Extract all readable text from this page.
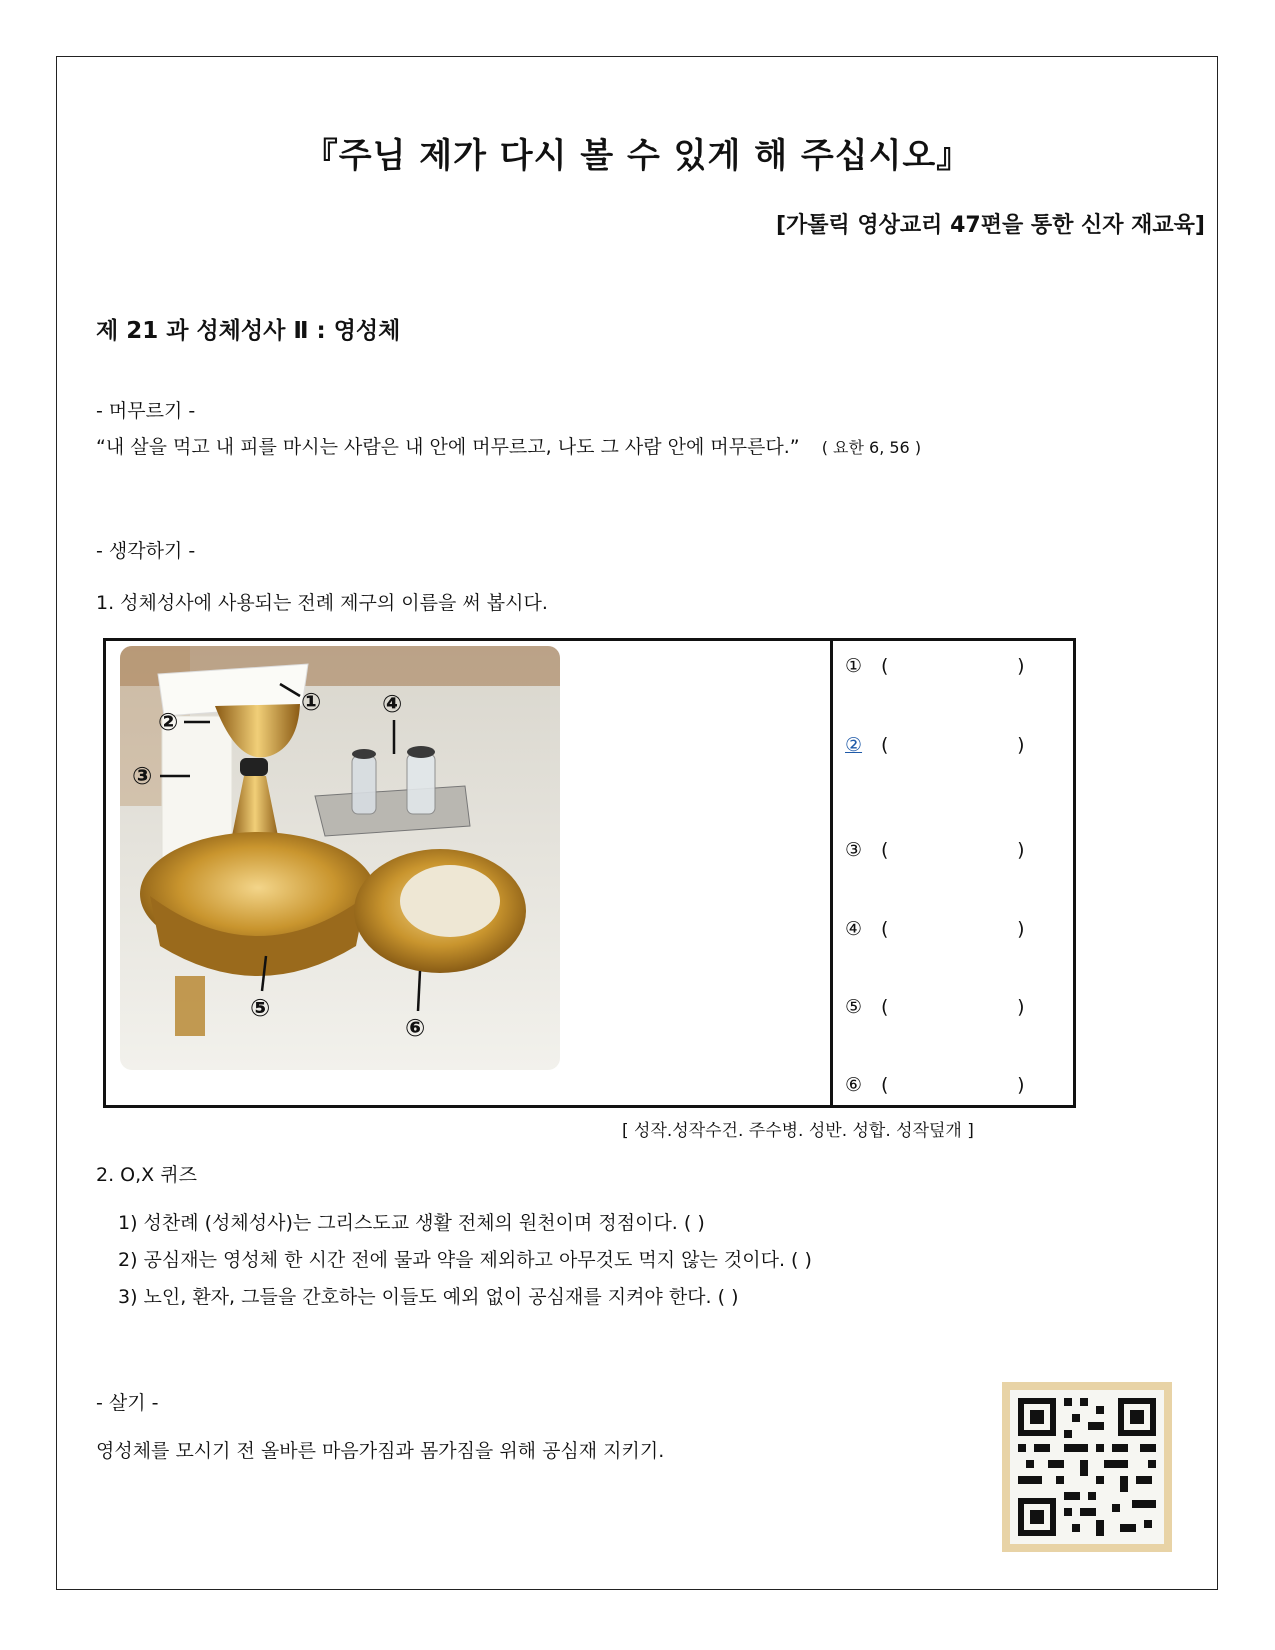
『주님 제가 다시 볼 수 있게 해 주십시오』
[가톨릭 영상교리 47편을 통한 신자 재교육]
제 21 과 성체성사 Ⅱ : 영성체
- 머무르기 -
“내 살을 먹고 내 피를 마시는 사람은 내 안에 머무르고, 나도 그 사람 안에 머무른다.” ( 요한 6, 56 )
- 생각하기 -
1. 성체성사에 사용되는 전례 제구의 이름을 써 봅시다.
①
②
③
④
⑤
⑥
① (	)
② (	)
③ (	)
④ (	)
⑤ (	)
⑥ (	)
[ 성작.성작수건. 주수병. 성반. 성합. 성작덮개 ]
2. O,X 퀴즈
1) 성찬례 (성체성사)는 그리스도교 생활 전체의 원천이며 정점이다. ( )
2) 공심재는 영성체 한 시간 전에 물과 약을 제외하고 아무것도 먹지 않는 것이다. ( )
3) 노인, 환자, 그들을 간호하는 이들도 예외 없이 공심재를 지켜야 한다. ( )
- 살기 -
영성체를 모시기 전 올바른 마음가짐과 몸가짐을 위해 공심재 지키기.
